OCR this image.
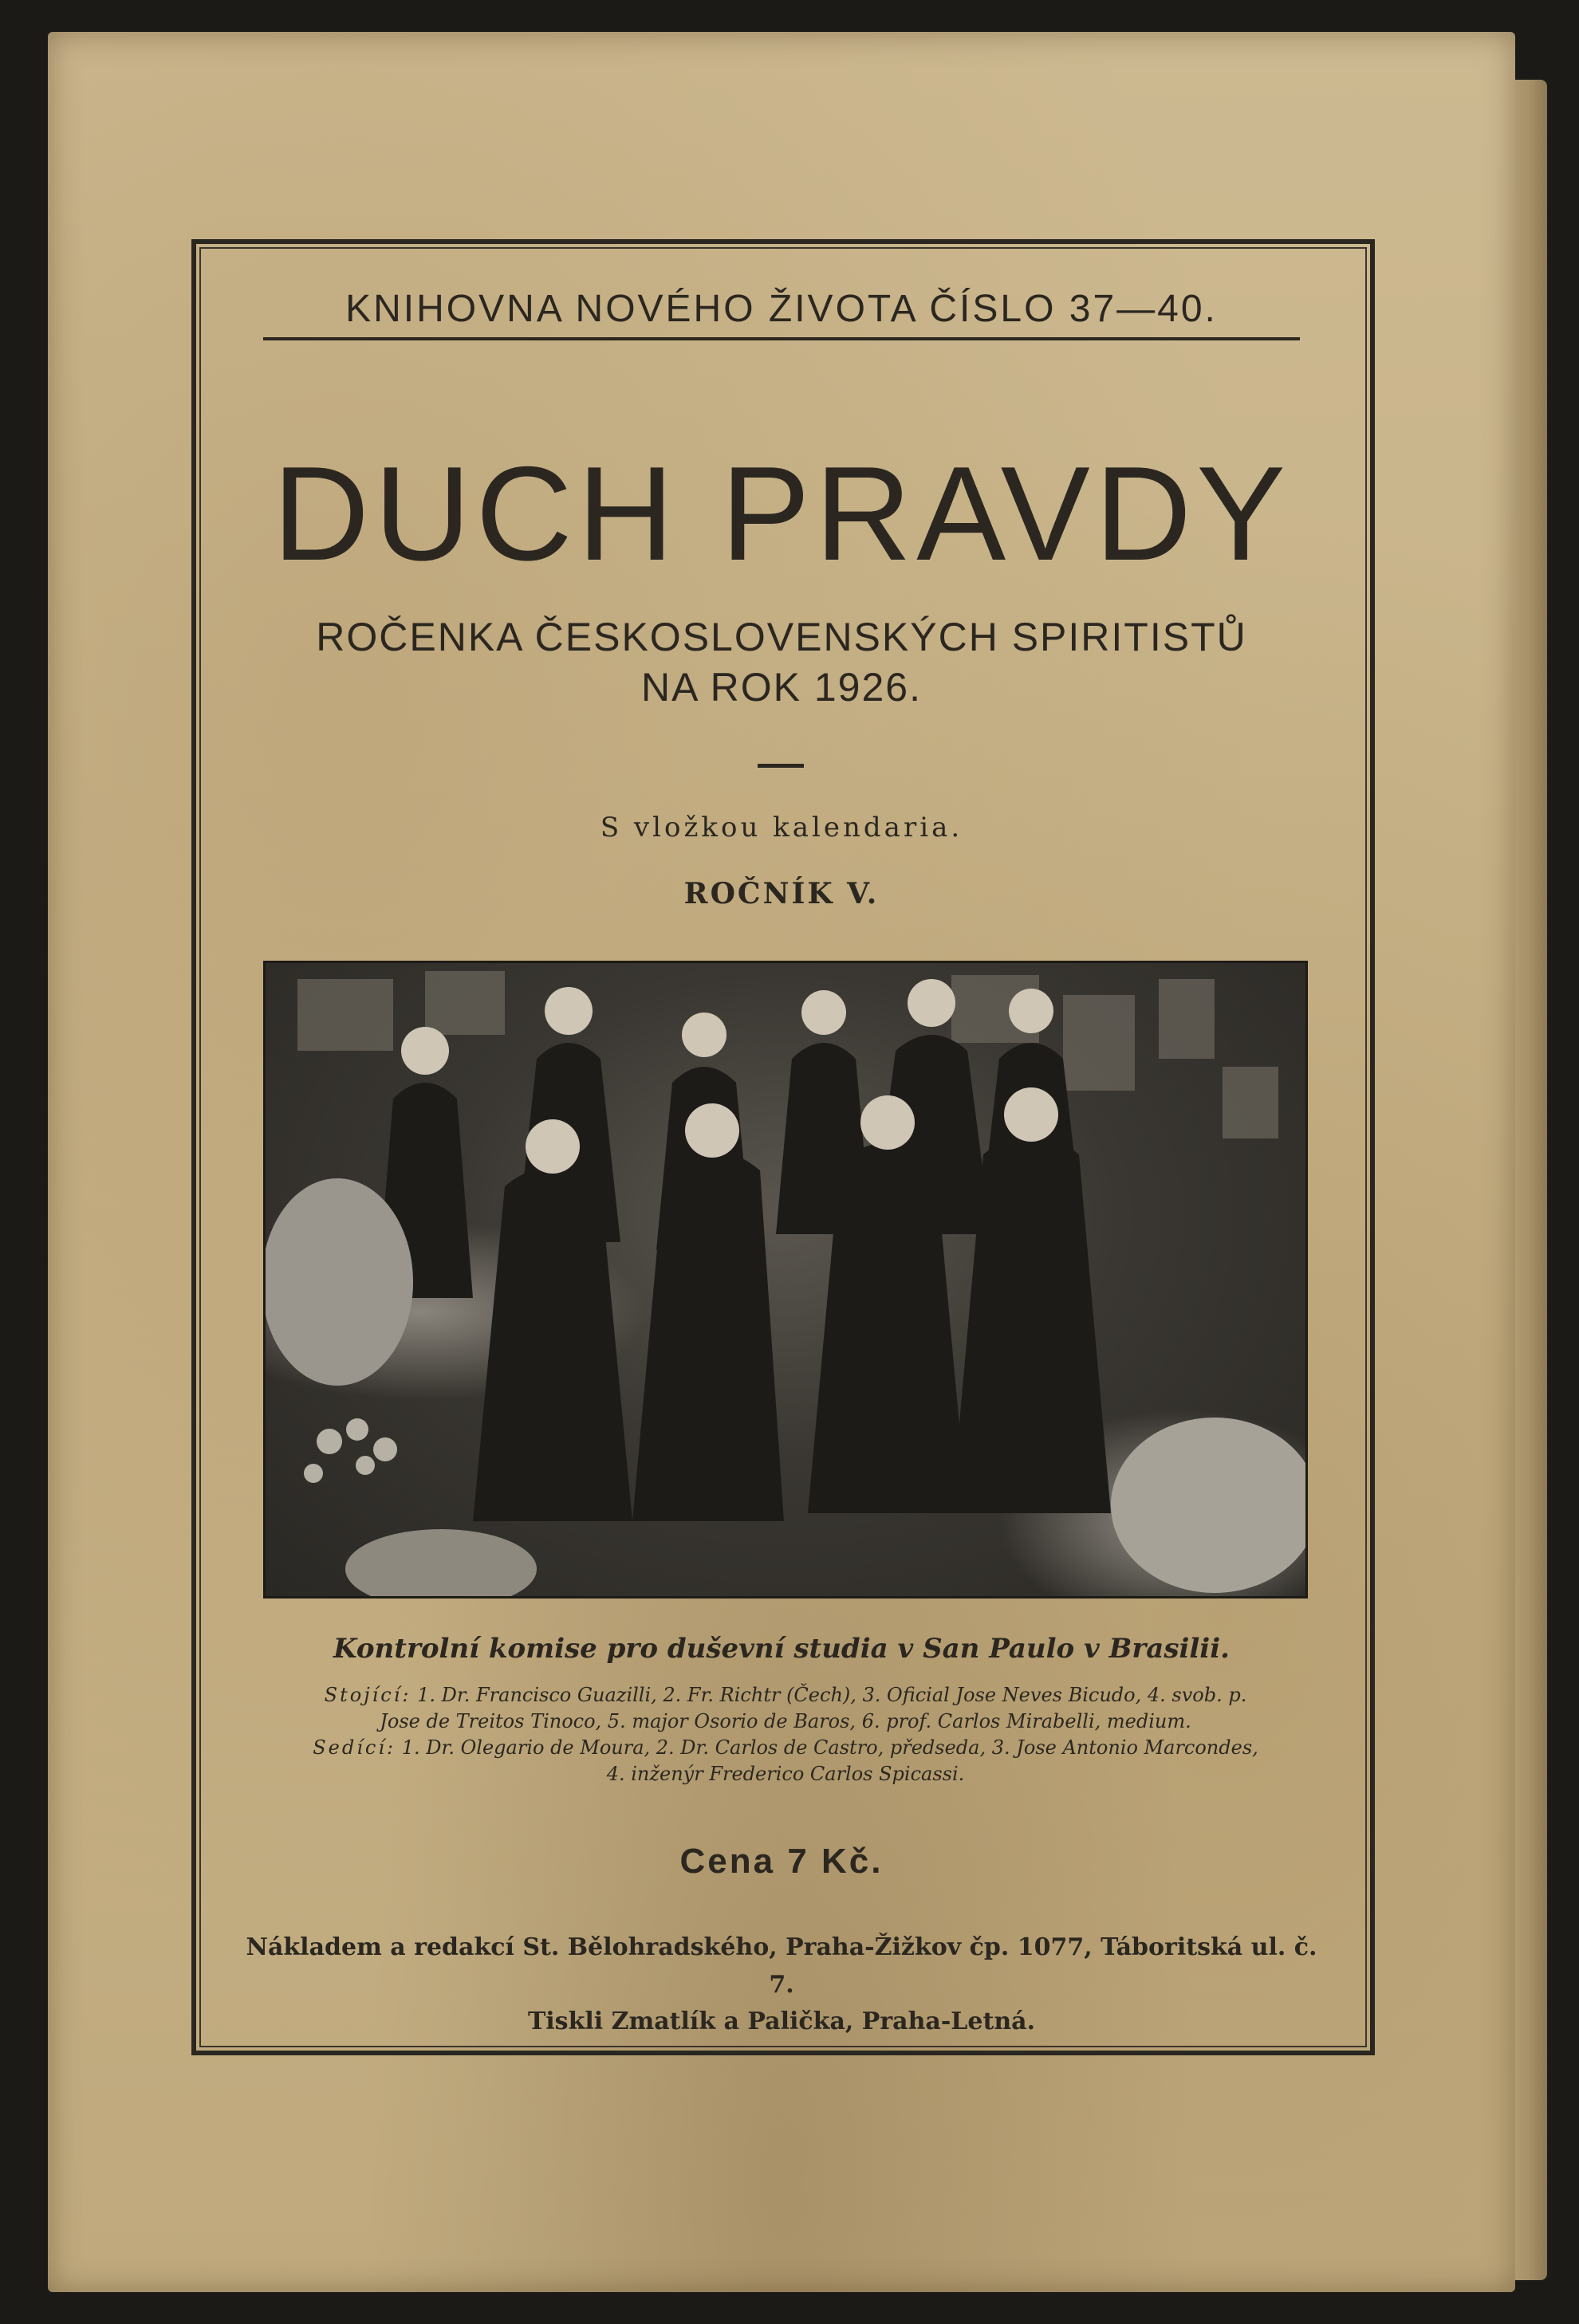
KNIHOVNA NOVÉHO ŽIVOTA ČÍSLO 37—40.
DUCH PRAVDY
ROČENKA ČESKOSLOVENSKÝCH SPIRITISTŮ
NA ROK 1926.
S vložkou kalendaria.
ROČNÍK V.
Kontrolní komise pro duševní studia v San Paulo v Brasilii.
Stojící: 1. Dr. Francisco Guazilli, 2. Fr. Richtr (Čech), 3. Oficial Jose Neves Bicudo, 4. svob. p.
Jose de Treitos Tinoco, 5. major Osorio de Baros, 6. prof. Carlos Mirabelli, medium.
Sedící: 1. Dr. Olegario de Moura, 2. Dr. Carlos de Castro, předseda, 3. Jose Antonio Marcondes,
4. inženýr Frederico Carlos Spicassi.
Cena 7 Kč.
Nákladem a redakcí St. Bělohradského, Praha-Žižkov čp. 1077, Táboritská ul. č. 7.
Tiskli Zmatlík a Palička, Praha-Letná.
